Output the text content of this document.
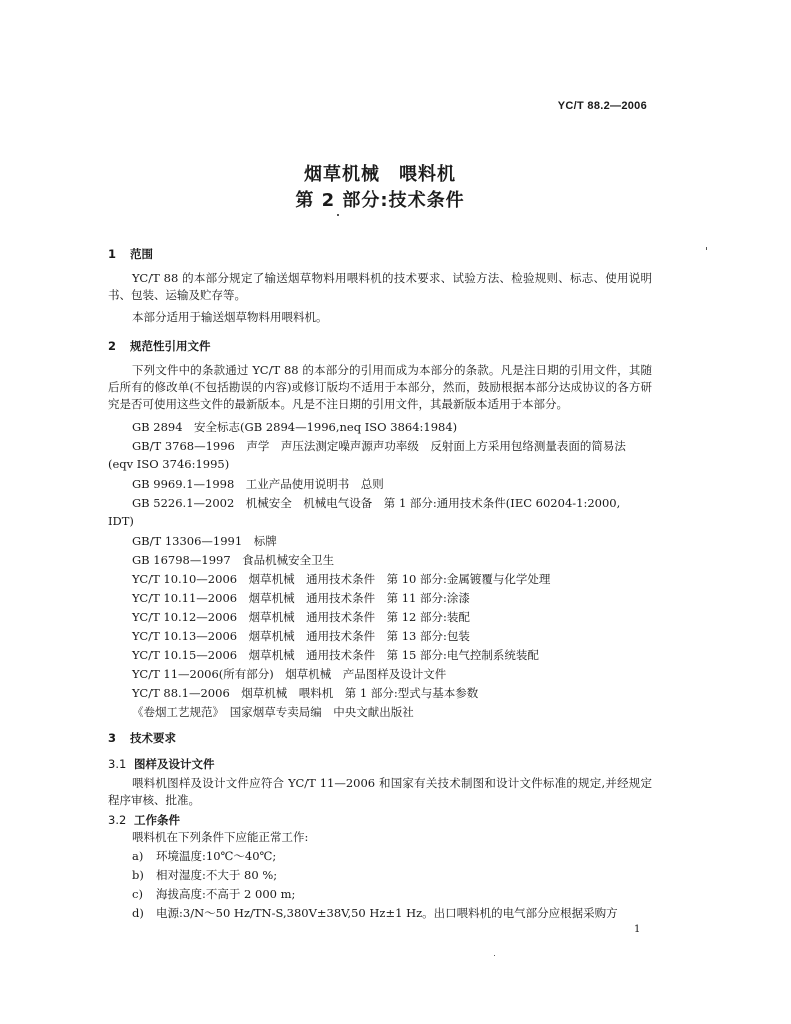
YC/T 88.2—2006
烟草机械　喂料机
第 2 部分:技术条件
1 范围
YC/T 88 的本部分规定了输送烟草物料用喂料机的技术要求、试验方法、检验规则、标志、使用说明书、包装、运输及贮存等。
本部分适用于输送烟草物料用喂料机。
2 规范性引用文件
下列文件中的条款通过 YC/T 88 的本部分的引用而成为本部分的条款。凡是注日期的引用文件，其随后所有的修改单(不包括勘误的内容)或修订版均不适用于本部分，然而，鼓励根据本部分达成协议的各方研究是否可使用这些文件的最新版本。凡是不注日期的引用文件，其最新版本适用于本部分。
GB 2894　安全标志(GB 2894—1996,neq ISO 3864:1984)
GB/T 3768—1996　声学　声压法测定噪声源声功率级　反射面上方采用包络测量表面的简易法
(eqv ISO 3746:1995)
GB 9969.1—1998　工业产品使用说明书　总则
GB 5226.1—2002　机械安全　机械电气设备　第 1 部分:通用技术条件(IEC 60204-1:2000,
IDT)
GB/T 13306—1991　标牌
GB 16798—1997　食品机械安全卫生
YC/T 10.10—2006　烟草机械　通用技术条件　第 10 部分:金属镀覆与化学处理
YC/T 10.11—2006　烟草机械　通用技术条件　第 11 部分:涂漆
YC/T 10.12—2006　烟草机械　通用技术条件　第 12 部分:装配
YC/T 10.13—2006　烟草机械　通用技术条件　第 13 部分:包装
YC/T 10.15—2006　烟草机械　通用技术条件　第 15 部分:电气控制系统装配
YC/T 11—2006(所有部分)　烟草机械　产品图样及设计文件
YC/T 88.1—2006　烟草机械　喂料机　第 1 部分:型式与基本参数
《卷烟工艺规范》　国家烟草专卖局编　中央文献出版社
3 技术要求
3.1 图样及设计文件
喂料机图样及设计文件应符合 YC/T 11—2006 和国家有关技术制图和设计文件标准的规定,并经规定程序审核、批准。
3.2 工作条件
喂料机在下列条件下应能正常工作:
a) 环境温度:10℃～40℃;
b) 相对湿度:不大于 80 %;
c) 海拔高度:不高于 2 000 m;
d) 电源:3/N～50 Hz/TN-S,380V±38V,50 Hz±1 Hz。出口喂料机的电气部分应根据采购方
1
